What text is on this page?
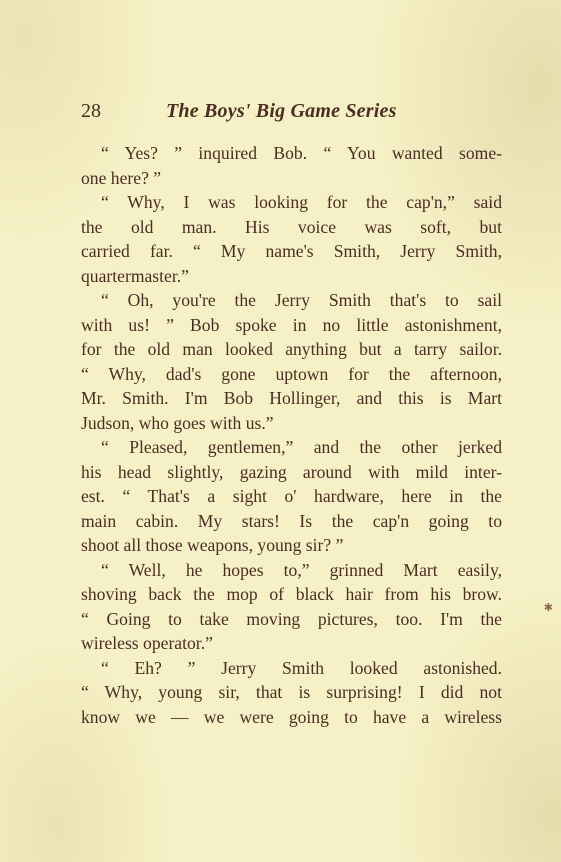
28	The Boys' Big Game Series
“ Yes? ” inquired Bob. “ You wanted some-
one here? ”
“ Why, I was looking for the cap'n,” said
the old man. His voice was soft, but
carried far. “ My name's Smith, Jerry Smith,
quartermaster.”
“ Oh, you're the Jerry Smith that's to sail
with us! ” Bob spoke in no little astonishment,
for the old man looked anything but a tarry sailor.
“ Why, dad's gone uptown for the afternoon,
Mr. Smith. I'm Bob Hollinger, and this is Mart
Judson, who goes with us.”
“ Pleased, gentlemen,” and the other jerked
his head slightly, gazing around with mild inter-
est. “ That's a sight o' hardware, here in the
main cabin. My stars! Is the cap'n going to
shoot all those weapons, young sir? ”
“ Well, he hopes to,” grinned Mart easily,
shoving back the mop of black hair from his brow.
“ Going to take moving pictures, too. I'm the
wireless operator.”
“ Eh? ” Jerry Smith looked astonished.
“ Why, young sir, that is surprising! I did not
know we — we were going to have a wireless
✱
